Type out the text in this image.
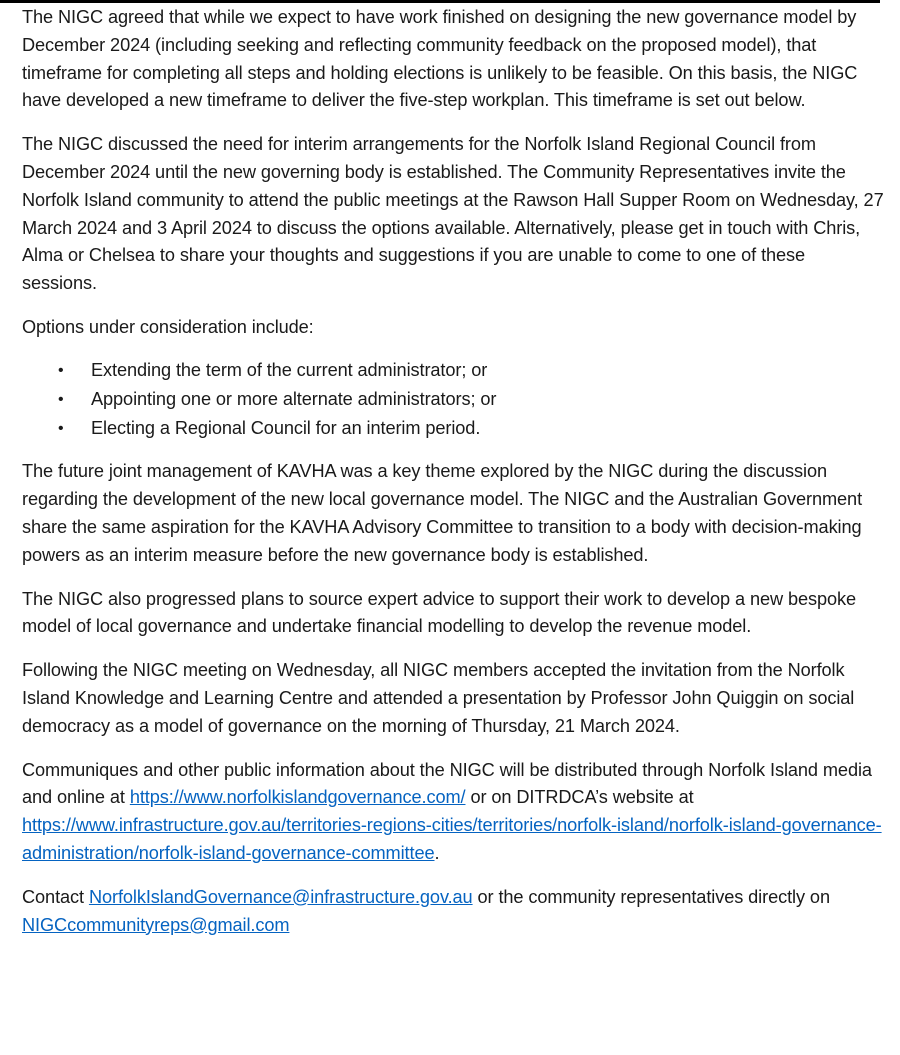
The NIGC agreed that while we expect to have work finished on designing the new governance model by December 2024 (including seeking and reflecting community feedback on the proposed model), that timeframe for completing all steps and holding elections is unlikely to be feasible. On this basis, the NIGC have developed a new timeframe to deliver the five-step workplan. This timeframe is set out below.

The NIGC discussed the need for interim arrangements for the Norfolk Island Regional Council from December 2024 until the new governing body is established. The Community Representatives invite the Norfolk Island community to attend the public meetings at the Rawson Hall Supper Room on Wednesday, 27 March 2024 and 3 April 2024 to discuss the options available. Alternatively, please get in touch with Chris, Alma or Chelsea to share your thoughts and suggestions if you are unable to come to one of these sessions.

Options under consideration include:

• Extending the term of the current administrator; or
• Appointing one or more alternate administrators; or
• Electing a Regional Council for an interim period.

The future joint management of KAVHA was a key theme explored by the NIGC during the discussion regarding the development of the new local governance model. The NIGC and the Australian Government share the same aspiration for the KAVHA Advisory Committee to transition to a body with decision-making powers as an interim measure before the new governance body is established.

The NIGC also progressed plans to source expert advice to support their work to develop a new bespoke model of local governance and undertake financial modelling to develop the revenue model.

Following the NIGC meeting on Wednesday, all NIGC members accepted the invitation from the Norfolk Island Knowledge and Learning Centre and attended a presentation by Professor John Quiggin on social democracy as a model of governance on the morning of Thursday, 21 March 2024.

Communiques and other public information about the NIGC will be distributed through Norfolk Island media and online at https://www.norfolkislandgovernance.com/ or on DITRDCA’s website at https://www.infrastructure.gov.au/territories-regions-cities/territories/norfolk-island/norfolk-island-governance-administration/norfolk-island-governance-committee.

Contact NorfolkIslandGovernance@infrastructure.gov.au or the community representatives directly on NIGCcommunityreps@gmail.com
